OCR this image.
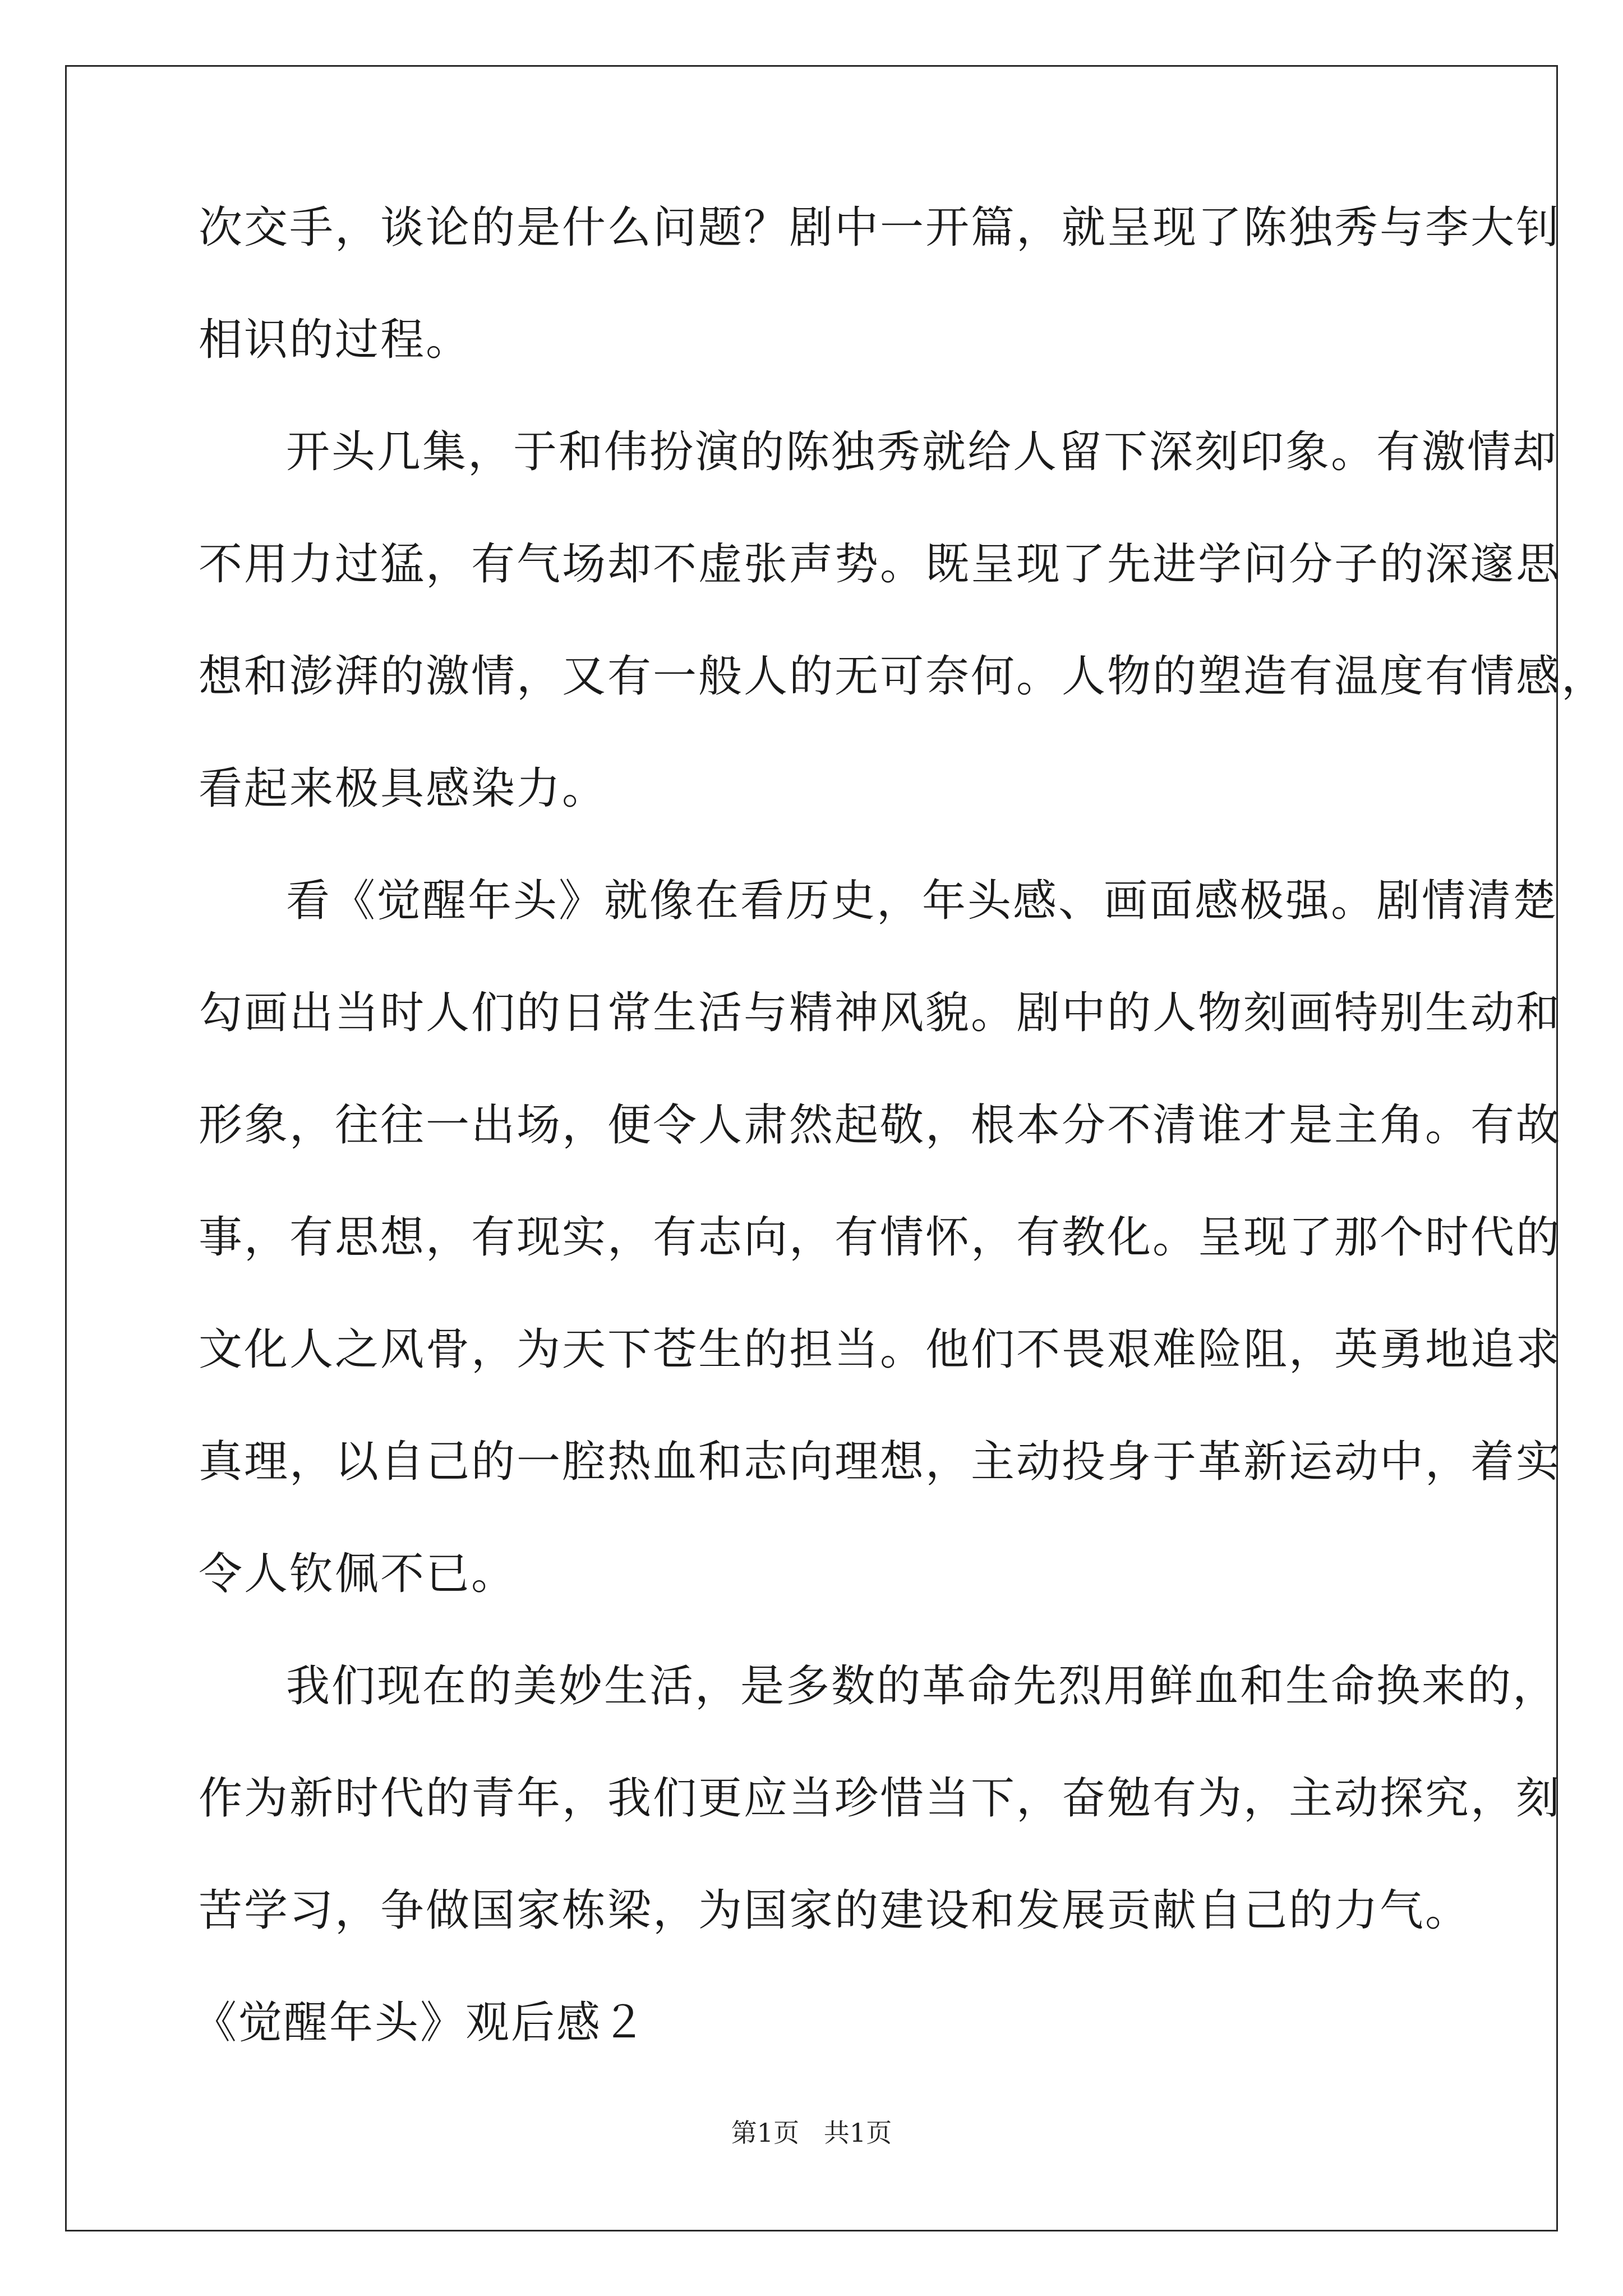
次交手，谈论的是什么问题？剧中一开篇，就呈现了陈独秀与李大钊
相识的过程。
开头几集，于和伟扮演的陈独秀就给人留下深刻印象。有激情却
不用力过猛，有气场却不虚张声势。既呈现了先进学问分子的深邃思
想和澎湃的激情，又有一般人的无可奈何。人物的塑造有温度有情感，
看起来极具感染力。
看《觉醒年头》就像在看历史，年头感、画面感极强。剧情清楚
勾画出当时人们的日常生活与精神风貌。剧中的人物刻画特别生动和
形象，往往一出场，便令人肃然起敬，根本分不清谁才是主角。有故
事，有思想，有现实，有志向，有情怀，有教化。呈现了那个时代的
文化人之风骨，为天下苍生的担当。他们不畏艰难险阻，英勇地追求
真理，以自己的一腔热血和志向理想，主动投身于革新运动中，着实
令人钦佩不已。
我们现在的美妙生活，是多数的革命先烈用鲜血和生命换来的，
作为新时代的青年，我们更应当珍惜当下，奋勉有为，主动探究，刻
苦学习，争做国家栋梁，为国家的建设和发展贡献自己的力气。
《觉醒年头》观后感２
第1页   共1页
